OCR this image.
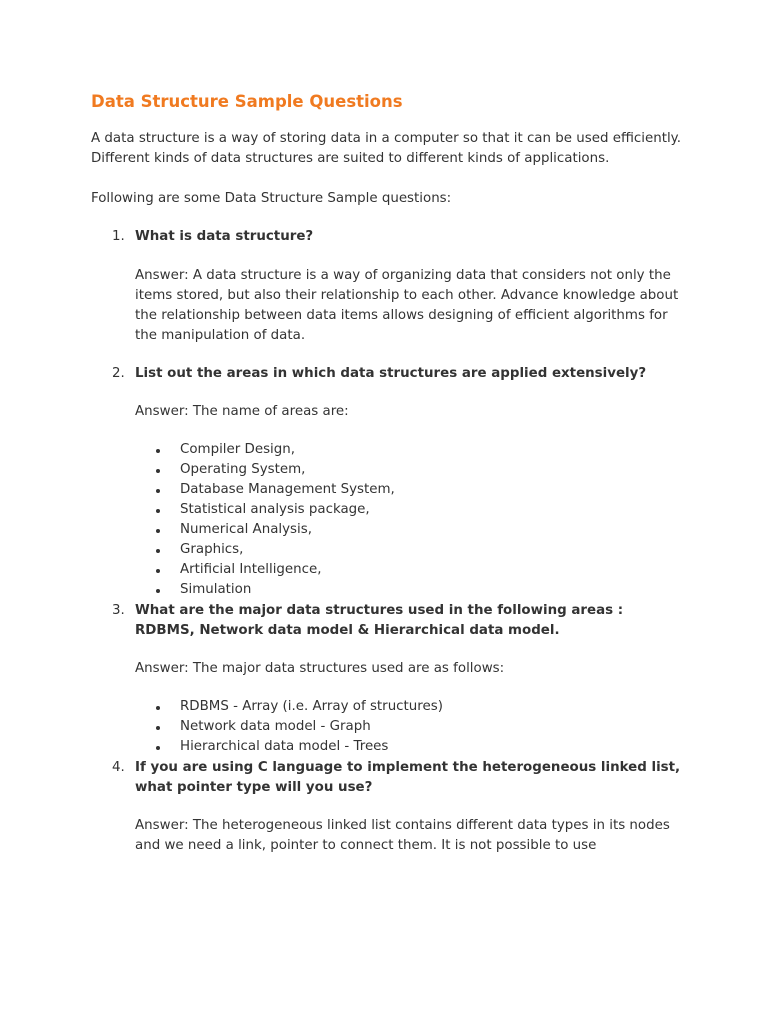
Data Structure Sample Questions

A data structure is a way of storing data in a computer so that it can be used efficiently.

Different kinds of data structures are suited to different kinds of applications.

Following are some Data Structure Sample questions:

1. What is data structure?

Answer: A data structure is a way of organizing data that considers not only the items stored, but also their relationship to each other. Advance knowledge about the relationship between data items allows designing of efficient algorithms for the manipulation of data.

2. List out the areas in which data structures are applied extensively?

Answer: The name of areas are:

Compiler Design,
Operating System,
Database Management System,
Statistical analysis package,
Numerical Analysis,
Graphics,
Artificial Intelligence,
Simulation
3. What are the major data structures used in the following areas : RDBMS, Network data model & Hierarchical data model.

Answer: The major data structures used are as follows:

RDBMS - Array (i.e. Array of structures)
Network data model - Graph
Hierarchical data model - Trees
4. If you are using C language to implement the heterogeneous linked list, what pointer type will you use?

Answer: The heterogeneous linked list contains different data types in its nodes and we need a link, pointer to connect them. It is not possible to use
